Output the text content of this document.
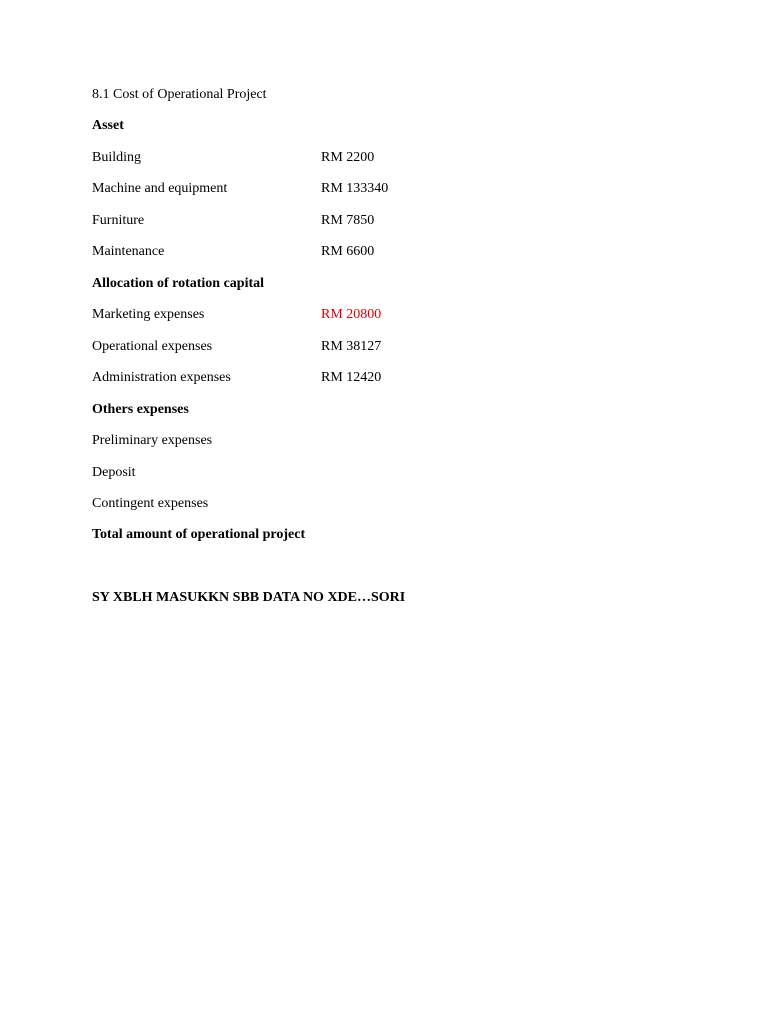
8.1 Cost of Operational Project
Asset
Building	RM 2200
Machine and equipment	RM 133340
Furniture	RM 7850
Maintenance	RM 6600
Allocation of rotation capital
Marketing expenses	RM 20800
Operational expenses	RM 38127
Administration expenses	RM 12420
Others expenses
Preliminary expenses
Deposit
Contingent expenses
Total amount of operational project
SY XBLH MASUKKN SBB DATA NO XDE…SORI
